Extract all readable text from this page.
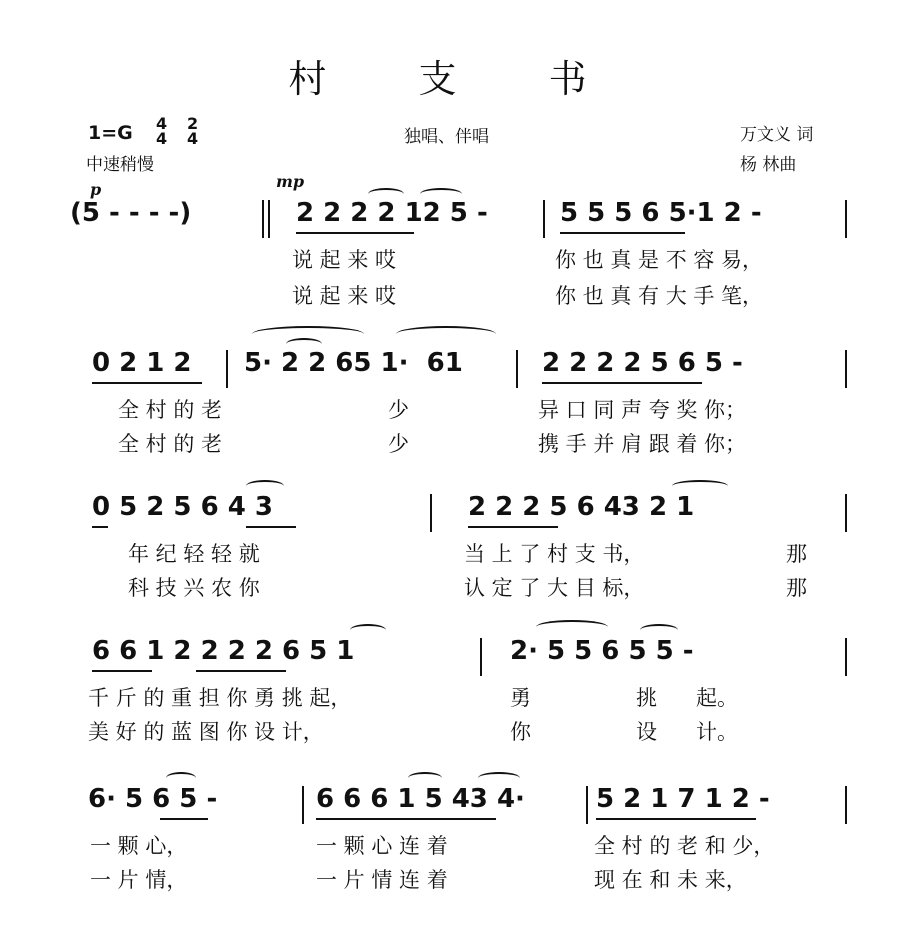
村 支 书
1=G 4
4
2
4
中速稍慢
独唱、伴唱	万文义 词
杨 林曲
p	mp
(5 - - - -)	2 2 2 2 12 5 -	5 5 5 6 5·1 2 -
说 起 来 哎	你 也 真 是 不 容 易，
说 起 来 哎	你 也 真 有 大 手 笔，
0 2 1 2 5· 2 2 65 1·  61	2 2 2 2 5 6 5 -
全 村 的 老	少	异 口 同 声 夸 奖 你；
全 村 的 老	少	携 手 并 肩 跟 着 你；
0 5 2 5 6 4 3	2 2 2 5 6 43 2 1
年 纪 轻 轻 就	当 上 了 村 支 书，	那
科 技 兴 农 你	认 定 了 大 目 标，	那
6 6 1 2 2 2 2 6 5 1	2· 5 5 6 5 5 -
千 斤 的 重 担 你 勇 挑 起，	勇	挑 起。
美 好 的 蓝 图 你 设 计，	你	设 计。
6· 5 6 5 -	6 6 6 1 5 43 4·	5 2 1 7 1 2 -
一 颗 心，	一 颗 心 连 着	全 村 的 老 和 少，
一 片 情，	一 片 情 连 着	现 在 和 未 来，
